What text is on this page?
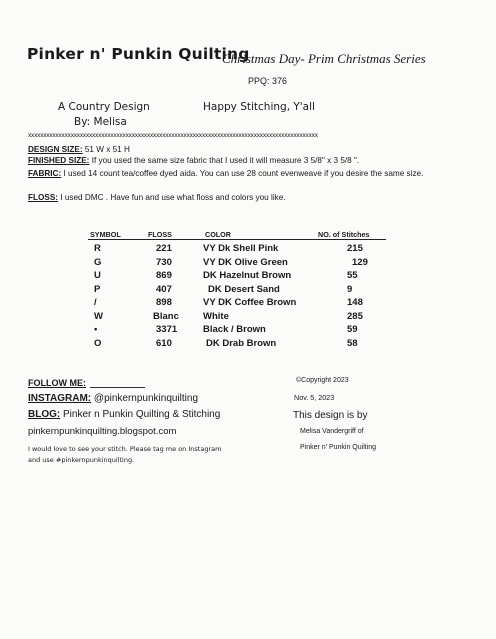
Pinker n' Punkin Quilting
Christmas Day- Prim Christmas Series
PPQ: 376
A Country Design
By: Melisa
Happy Stitching, Y'all
xxxxxxxxxxxxxxxxxxxxxxxxxxxxxxxxxxxxxxxxxxxxxxxxxxxxxxxxxxxxxxxxxxxxxxxxxxxxxxxxxxxxxxxxxxxxxxx
DESIGN SIZE: 51 W x 51 H
FINISHED SIZE: If you used the same size fabric that I used it will measure 3 5/8" x 3 5/8 ".
FABRIC: I used 14 count tea/coffee dyed aida. You can use 28 count evenweave if you desire the same size.
FLOSS: I used DMC . Have fun and use what floss and colors you like.
SYMBOL	FLOSS	COLOR	NO. of Stitches
R	221	VY Dk Shell Pink	215
G	730	VY DK Olive Green	129
U	869	DK Hazelnut Brown	55
P	407	DK Desert Sand	9
/	898	VY DK Coffee Brown	148
W	Blanc	White	285
•	3371	Black / Brown	59
O	610	DK Drab Brown	58
FOLLOW ME:
INSTAGRAM: @pinkernpunkinquilting
BLOG: Pinker n Punkin Quilting & Stitching
pinkernpunkinquilting.blogspot.com
I would love to see your stitch. Please tag me on Instagram
and use #pinkernpunkinquilting.
©Copyright 2023
Nov. 5, 2023
This design is by
Melisa Vandergriff of
Pinker n' Punkin Quilting
